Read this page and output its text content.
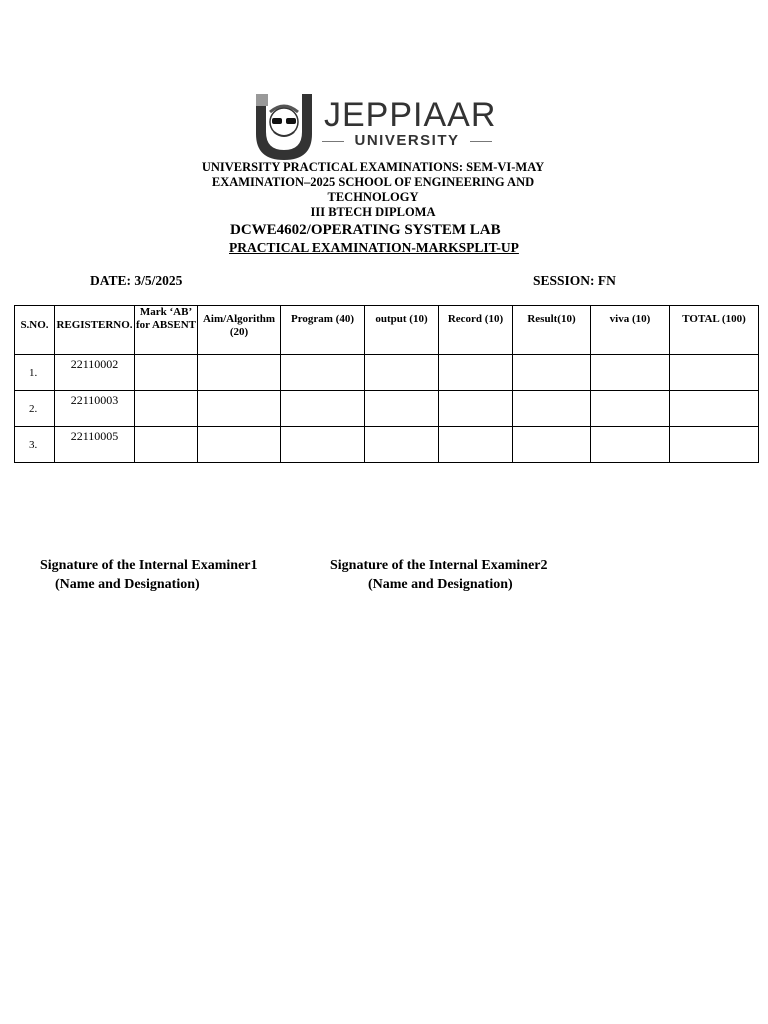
JEPPIAAR
UNIVERSITY
UNIVERSITY PRACTICAL EXAMINATIONS: SEM-VI-MAY EXAMINATION–2025 SCHOOL OF ENGINEERING AND TECHNOLOGY
III BTECH DIPLOMA
DCWE4602/OPERATING SYSTEM LAB
PRACTICAL EXAMINATION-MARKSPLIT-UP
DATE: 3/5/2025	SESSION: FN
S.NO.	REGISTERNO.	Mark ‘AB’ for ABSENT	Aim/Algorithm (20)	Program (40)	output (10)	Record (10)	Result(10)	viva (10)	TOTAL (100)

1.	22110002								
2.	22110003								
3.	22110005								
Signature of the Internal Examiner1
(Name and Designation)
Signature of the Internal Examiner2
(Name and Designation)
